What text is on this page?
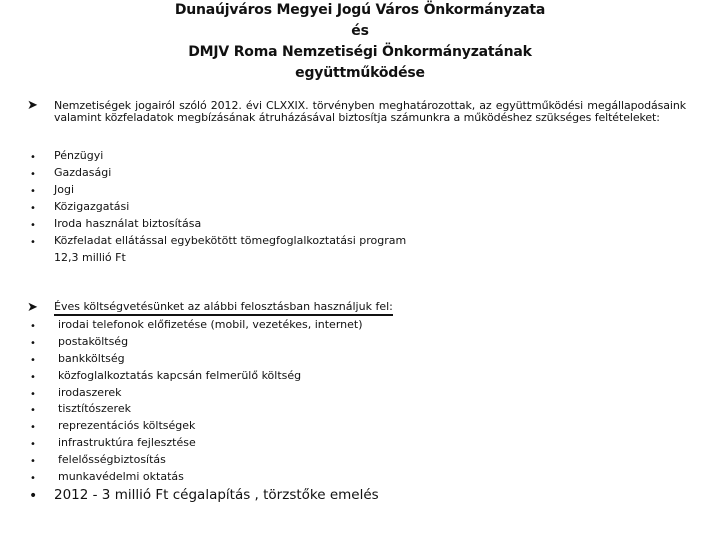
Dunaújváros Megyei Jogú Város Önkormányzata
és
DMJV Roma Nemzetiségi Önkormányzatának
együttműködése
➤ Nemzetiségek jogairól szóló 2012. évi CLXXIX. törvényben meghatározottak, az együttműködési megállapodásaink valamint közfeladatok megbízásának átruházásával biztosítja számunkra a működéshez szükséges feltételeket:
• Pénzügyi
• Gazdasági
• Jogi
• Közigazgatási
• Iroda használat biztosítása
• Közfeladat ellátással egybekötött tömegfoglalkoztatási program
12,3 millió Ft
➤ Éves költségvetésünket az alábbi felosztásban használjuk fel:
• irodai telefonok előfizetése (mobil, vezetékes, internet)
• postaköltség
• bankköltség
• közfoglalkoztatás kapcsán felmerülő költség
• irodaszerek
• tisztítószerek
• reprezentációs költségek
• infrastruktúra fejlesztése
• felelősségbiztosítás
• munkavédelmi oktatás
• 2012 - 3 millió Ft cégalapítás , törzstőke emelés
